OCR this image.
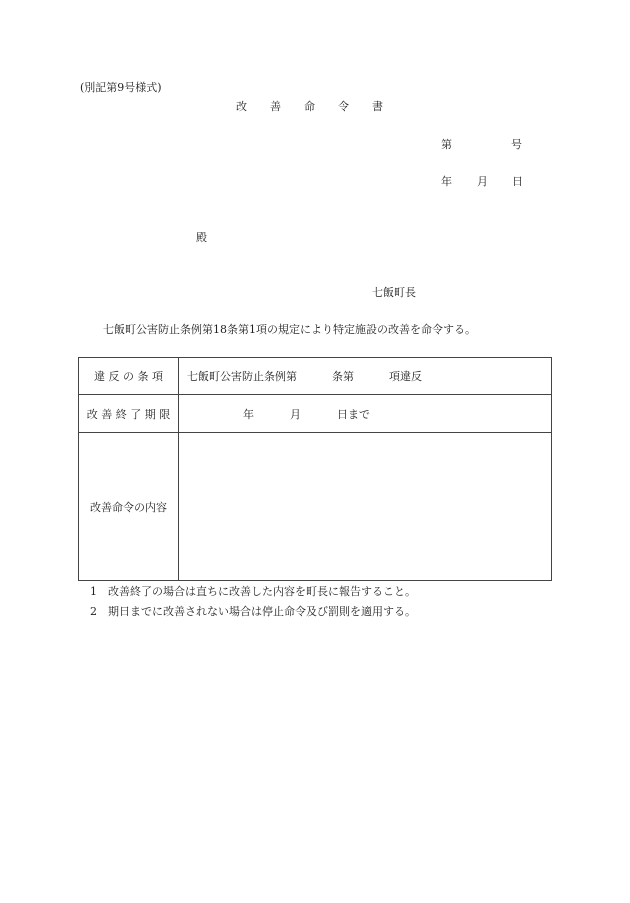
(別記第9号様式)
改　善　命　令　書
第	号
年 月 日
殿
七飯町長
七飯町公害防止条例第18条第1項の規定により特定施設の改善を命令する。
違 反 の 条 項	七飯町公害防止条例第 条第 項違反
改 善 終 了 期 限	年 月 日まで
改善命令の内容	
1　改善終了の場合は直ちに改善した内容を町長に報告すること。
2　期日までに改善されない場合は停止命令及び罰則を適用する。
